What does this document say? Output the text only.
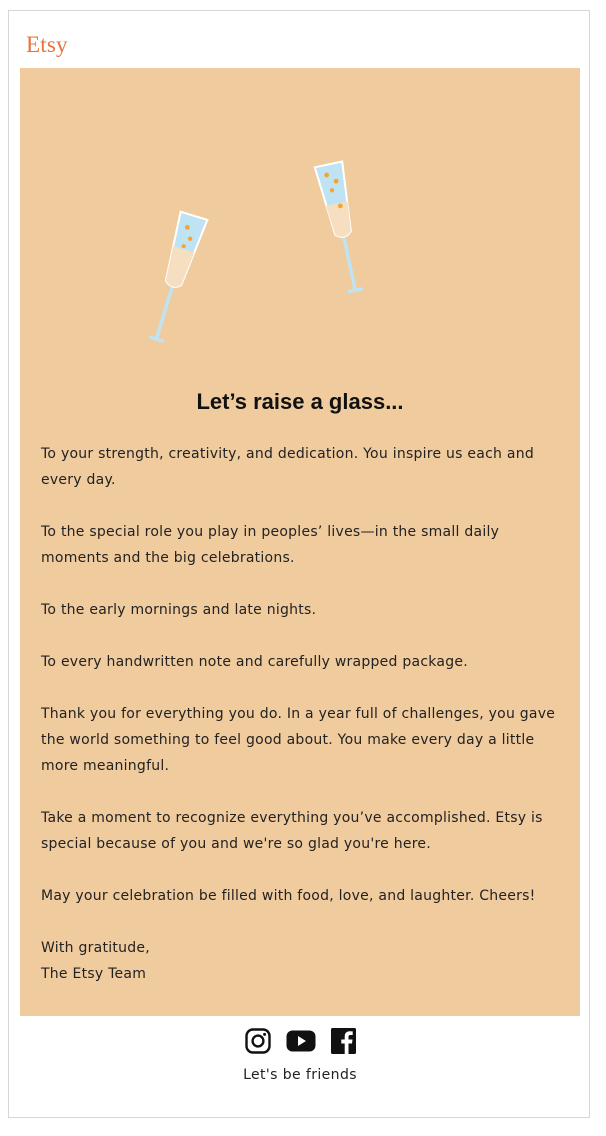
Etsy
Let’s raise a glass...

To your strength, creativity, and dedication. You inspire us each and every day.

To the special role you play in peoples’ lives—in the small daily moments and the big celebrations.

To the early mornings and late nights.

To every handwritten note and carefully wrapped package.

Thank you for everything you do. In a year full of challenges, you gave the world something to feel good about. You make every day a little more meaningful.

Take a moment to recognize everything you’ve accomplished. Etsy is special because of you and we're so glad you're here.

May your celebration be filled with food, love, and laughter. Cheers!

With gratitude,

The Etsy Team

Let's be friends
